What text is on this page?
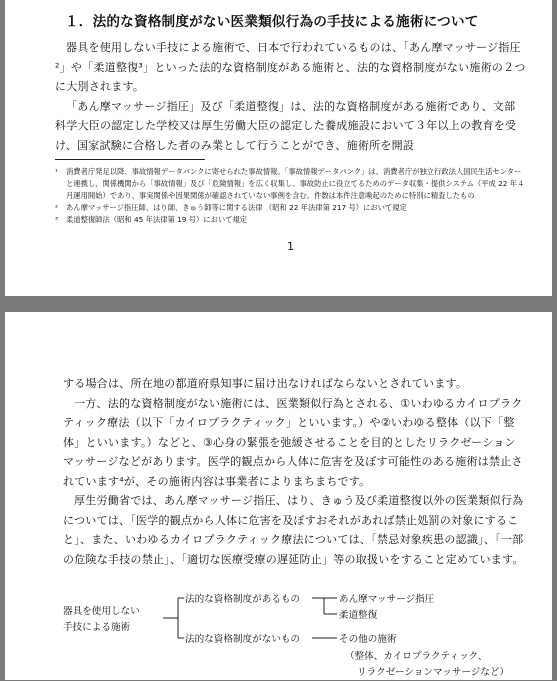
１．法的な資格制度がない医業類似行為の手技による施術について

器具を使用しない手技による施術で、日本で行われているものは、「あん摩マッサージ指圧²」や「柔道整復³」といった法的な資格制度がある施術と、法的な資格制度がない施術の２つに大別されます。

「あん摩マッサージ指圧」及び「柔道整復」は、法的な資格制度がある施術であり、文部科学大臣の認定した学校又は厚生労働大臣の認定した養成施設において３年以上の教育を受け、国家試験に合格した者のみ業として行うことができ、施術所を開設

¹	消費者庁発足以降、事故情報データバンクに寄せられた事故情報。「事故情報データバンク」は、消費者庁が独立行政法人国民生活センターと連携し、関係機関から「事故情報」及び「危険情報」を広く収集し、事故防止に役立てるためのデータ収集・提供システム（平成 22 年４月運用開始）であり、事実関係や因果関係が確認されていない事例を含む。件数は本件注意喚起のために特別に精査したもの
²	あん摩マッサージ指圧師、はり師、きゅう師等に関する法律 （昭和 22 年法律第 217 号）において規定
³	柔道整復師法（昭和 45 年法律第 19 号）において規定
1

する場合は、所在地の都道府県知事に届け出なければならないとされています。

一方、法的な資格制度がない施術には、医業類似行為とされる、①いわゆるカイロプラクティック療法（以下「カイロプラクティック」といいます。）や②いわゆる整体（以下「整体」といいます。）などと、③心身の緊張を弛緩させることを目的としたリラクゼーションマッサージなどがあります。医学的観点から人体に危害を及ぼす可能性のある施術は禁止されています⁴が、その施術内容は事業者によりまちまちです。

厚生労働省では、あん摩マッサージ指圧、はり、きゅう及び柔道整復以外の医業類似行為については、「医学的観点から人体に危害を及ぼすおそれがあれば禁止処罰の対象にすること」、また、いわゆるカイロプラクティック療法については、「禁忌対象疾患の認識」、「一部の危険な手技の禁止」、「適切な医療受療の遅延防止」等の取扱いをすること定めています。

器具を使用しない
手技による施術
法的な資格制度があるもの
法的な資格制度がないもの
あん摩マッサージ指圧
柔道整復
その他の施術
（整体、カイロプラクティック、
リラクゼーションマッサージなど）
